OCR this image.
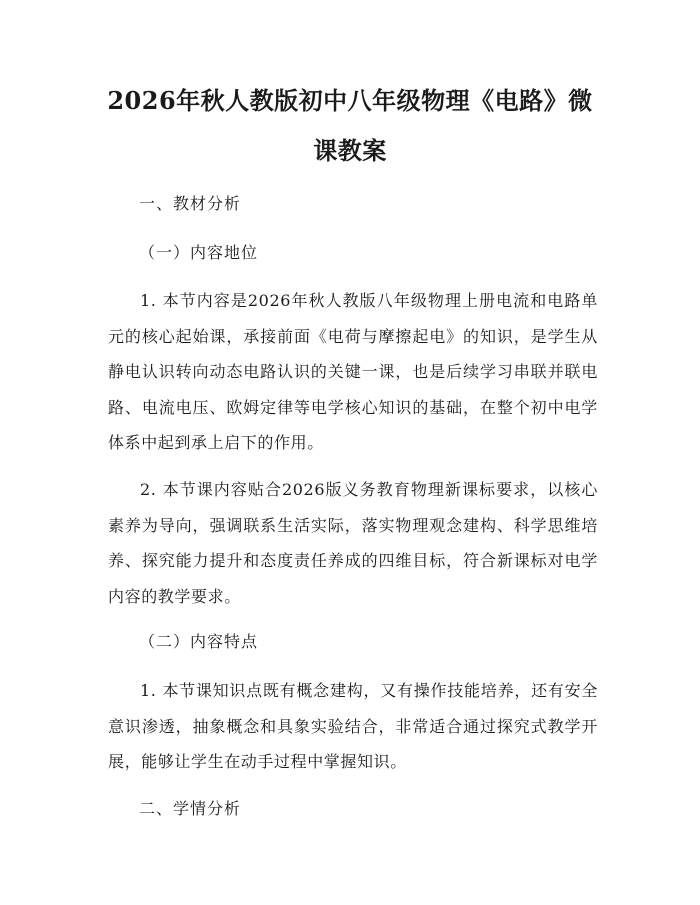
2026年秋人教版初中八年级物理《电路》微
课教案
一、教材分析
（一）内容地位
1. 本节内容是2026年秋人教版八年级物理上册电流和电路单元的核心起始课，承接前面《电荷与摩擦起电》的知识，是学生从静电认识转向动态电路认识的关键一课，也是后续学习串联并联电路、电流电压、欧姆定律等电学核心知识的基础，在整个初中电学体系中起到承上启下的作用。
2. 本节课内容贴合2026版义务教育物理新课标要求，以核心素养为导向，强调联系生活实际，落实物理观念建构、科学思维培养、探究能力提升和态度责任养成的四维目标，符合新课标对电学内容的教学要求。
（二）内容特点
1. 本节课知识点既有概念建构，又有操作技能培养，还有安全意识渗透，抽象概念和具象实验结合，非常适合通过探究式教学开展，能够让学生在动手过程中掌握知识。
二、学情分析
